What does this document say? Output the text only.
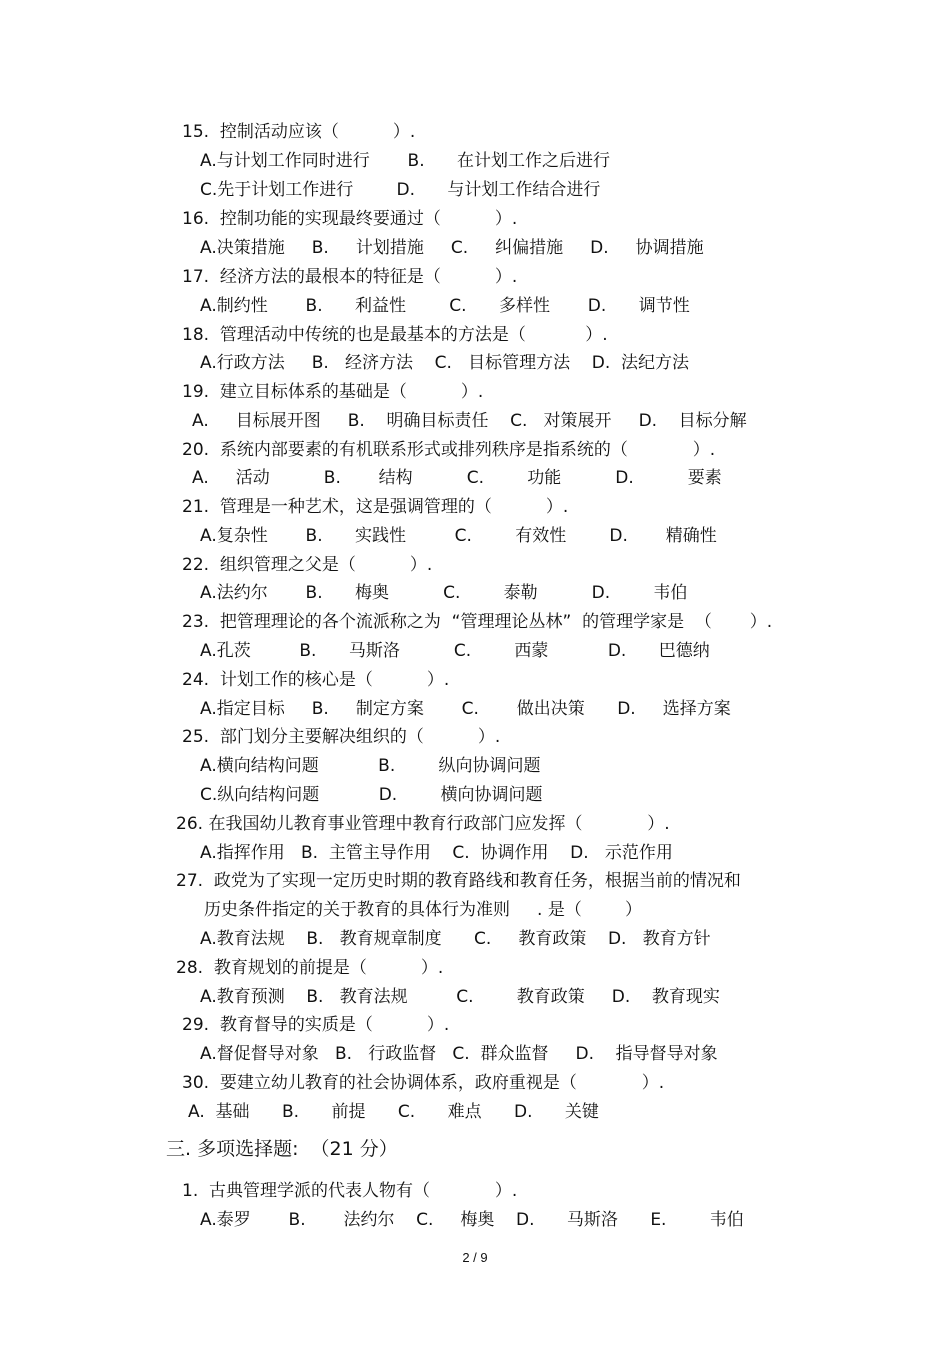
15.  控制活动应该（          ）.
A.与计划工作同时进行       B.      在计划工作之后进行
C.先于计划工作进行        D.      与计划工作结合进行
16.  控制功能的实现最终要通过（          ）.
A.决策措施     B.     计划措施     C.     纠偏措施     D.     协调措施
17.  经济方法的最根本的特征是（          ）.
A.制约性       B.      利益性        C.      多样性       D.      调节性
18.  管理活动中传统的也是最基本的方法是（           ）.
A.行政方法     B.   经济方法    C.   目标管理方法    D.  法纪方法
19.  建立目标体系的基础是（          ）.
A.     目标展开图     B.    明确目标责任    C.   对策展开     D.    目标分解
20.  系统内部要素的有机联系形式或排列秩序是指系统的（            ）.
A.     活动          B.       结构          C.        功能          D.          要素
21.  管理是一种艺术，这是强调管理的（          ）.
A.复杂性       B.      实践性         C.        有效性        D.       精确性
22.  组织管理之父是（          ）.
A.法约尔       B.      梅奥          C.        泰勒          D.        韦伯
23.  把管理理论的各个流派称之为  “管理理论丛林”  的管理学家是  （       ）.
A.孔茨         B.      马斯洛          C.        西蒙           D.      巴德纳
24.  计划工作的核心是（          ）.
A.指定目标     B.     制定方案       C.       做出决策      D.     选择方案
25.  部门划分主要解决组织的（          ）.
A.横向结构问题           B.        纵向协调问题
C.纵向结构问题           D.        横向协调问题
26. 在我国幼儿教育事业管理中教育行政部门应发挥（            ）.
A.指挥作用   B.  主管主导作用    C.  协调作用    D.   示范作用
27.  政党为了实现一定历史时期的教育路线和教育任务，根据当前的情况和
历史条件指定的关于教育的具体行为准则     . 是（        ）
A.教育法规    B.   教育规章制度      C.     教育政策    D.   教育方针
28.  教育规划的前提是（          ）.
A.教育预测    B.   教育法规         C.        教育政策     D.    教育现实
29.  教育督导的实质是（          ）.
A.督促督导对象   B.   行政监督   C.  群众监督     D.    指导督导对象
30.  要建立幼儿教育的社会协调体系，政府重视是（            ）.
A.  基础      B.      前提      C.      难点      D.      关键
三. 多项选择题:  （21 分）
1.  古典管理学派的代表人物有（            ）.
A.泰罗       B.       法约尔    C.     梅奥    D.      马斯洛      E.        韦伯
2 / 9
